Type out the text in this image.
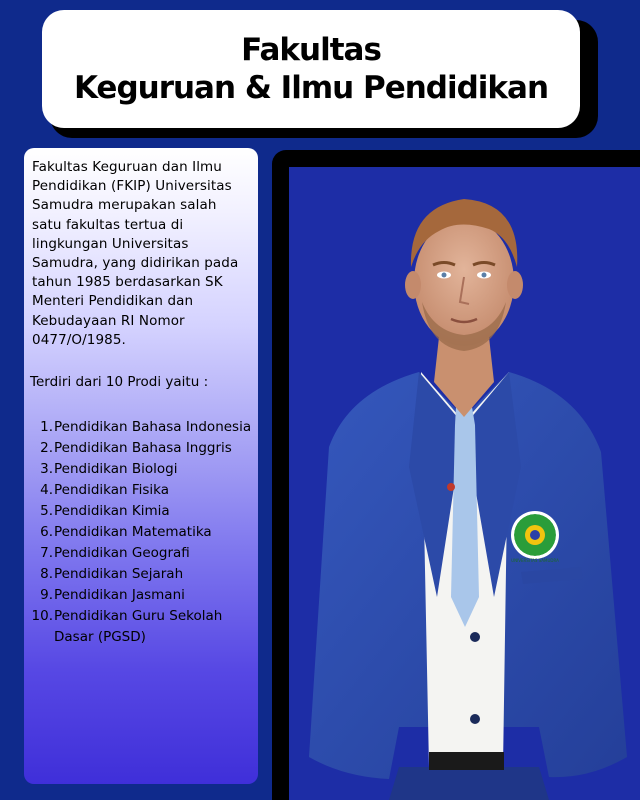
Fakultas
Keguruan & Ilmu Pendidikan

Fakultas Keguruan dan Ilmu Pendidikan (FKIP) Universitas Samudra merupakan salah satu fakultas tertua di lingkungan Universitas Samudra, yang didirikan pada tahun 1985 berdasarkan SK Menteri Pendidikan dan Kebudayaan RI Nomor 0477/O/1985.

Terdiri dari 10 Prodi yaitu :

1. Pendidikan Bahasa Indonesia
2. Pendidikan Bahasa Inggris
3. Pendidikan Biologi
4. Pendidikan Fisika
5. Pendidikan Kimia
6. Pendidikan Matematika
7. Pendidikan Geografi
8. Pendidikan Sejarah
9. Pendidikan Jasmani
10. Pendidikan Guru Sekolah Dasar (PGSD)
UNIVERSITAS SAMUDRA
